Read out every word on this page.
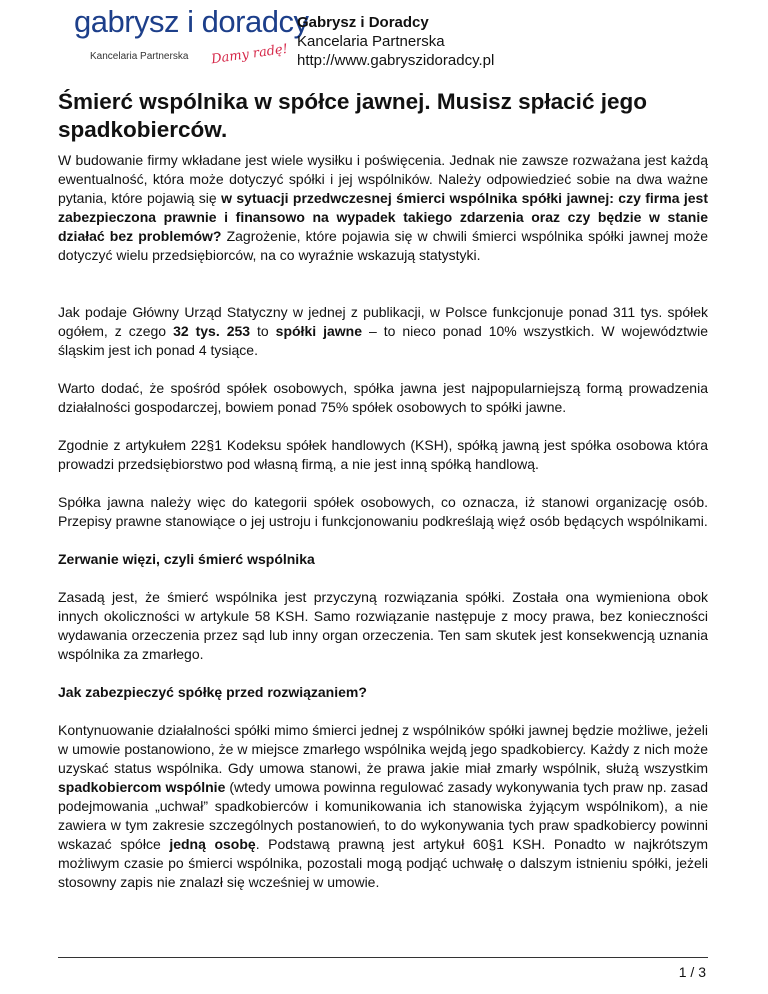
gabrysz i doradcy
Kancelaria Partnerska Damy radę!
Gabrysz i Doradcy
Kancelaria Partnerska
http://www.gabryszidoradcy.pl
Śmierć wspólnika w spółce jawnej. Musisz spłacić jego spadkobierców.

W budowanie firmy wkładane jest wiele wysiłku i poświęcenia. Jednak nie zawsze rozważana jest każdą ewentualność, która może dotyczyć spółki i jej wspólników. Należy odpowiedzieć sobie na dwa ważne pytania, które pojawią się w sytuacji przedwczesnej śmierci wspólnika spółki jawnej: czy firma jest zabezpieczona prawnie i finansowo na wypadek takiego zdarzenia oraz czy będzie w stanie działać bez problemów? Zagrożenie, które pojawia się w chwili śmierci wspólnika spółki jawnej może dotyczyć wielu przedsiębiorców, na co wyraźnie wskazują statystyki.

Jak podaje Główny Urząd Statyczny w jednej z publikacji, w Polsce funkcjonuje ponad 311 tys. spółek ogółem, z czego 32 tys. 253 to spółki jawne – to nieco ponad 10% wszystkich. W województwie śląskim jest ich ponad 4 tysiące.

Warto dodać, że spośród spółek osobowych, spółka jawna jest najpopularniejszą formą prowadzenia działalności gospodarczej, bowiem ponad 75% spółek osobowych to spółki jawne.

Zgodnie z artykułem 22§1 Kodeksu spółek handlowych (KSH), spółką jawną jest spółka osobowa która prowadzi przedsiębiorstwo pod własną firmą, a nie jest inną spółką handlową.

Spółka jawna należy więc do kategorii spółek osobowych, co oznacza, iż stanowi organizację osób. Przepisy prawne stanowiące o jej ustroju i funkcjonowaniu podkreślają więź osób będących wspólnikami.

Zerwanie więzi, czyli śmierć wspólnika

Zasadą jest, że śmierć wspólnika jest przyczyną rozwiązania spółki. Została ona wymieniona obok innych okoliczności w artykule 58 KSH. Samo rozwiązanie następuje z mocy prawa, bez konieczności wydawania orzeczenia przez sąd lub inny organ orzeczenia. Ten sam skutek jest konsekwencją uznania wspólnika za zmarłego.

Jak zabezpieczyć spółkę przed rozwiązaniem?

Kontynuowanie działalności spółki mimo śmierci jednej z wspólników spółki jawnej będzie możliwe, jeżeli w umowie postanowiono, że w miejsce zmarłego wspólnika wejdą jego spadkobiercy. Każdy z nich może uzyskać status wspólnika. Gdy umowa stanowi, że prawa jakie miał zmarły wspólnik, służą wszystkim spadkobiercom wspólnie (wtedy umowa powinna regulować zasady wykonywania tych praw np. zasad podejmowania „uchwał” spadkobierców i komunikowania ich stanowiska żyjącym wspólnikom), a nie zawiera w tym zakresie szczególnych postanowień, to do wykonywania tych praw spadkobiercy powinni wskazać spółce jedną osobę. Podstawą prawną jest artykuł 60§1 KSH. Ponadto w najkrótszym możliwym czasie po śmierci wspólnika, pozostali mogą podjąć uchwałę o dalszym istnieniu spółki, jeżeli stosowny zapis nie znalazł się wcześniej w umowie.

1 / 3
